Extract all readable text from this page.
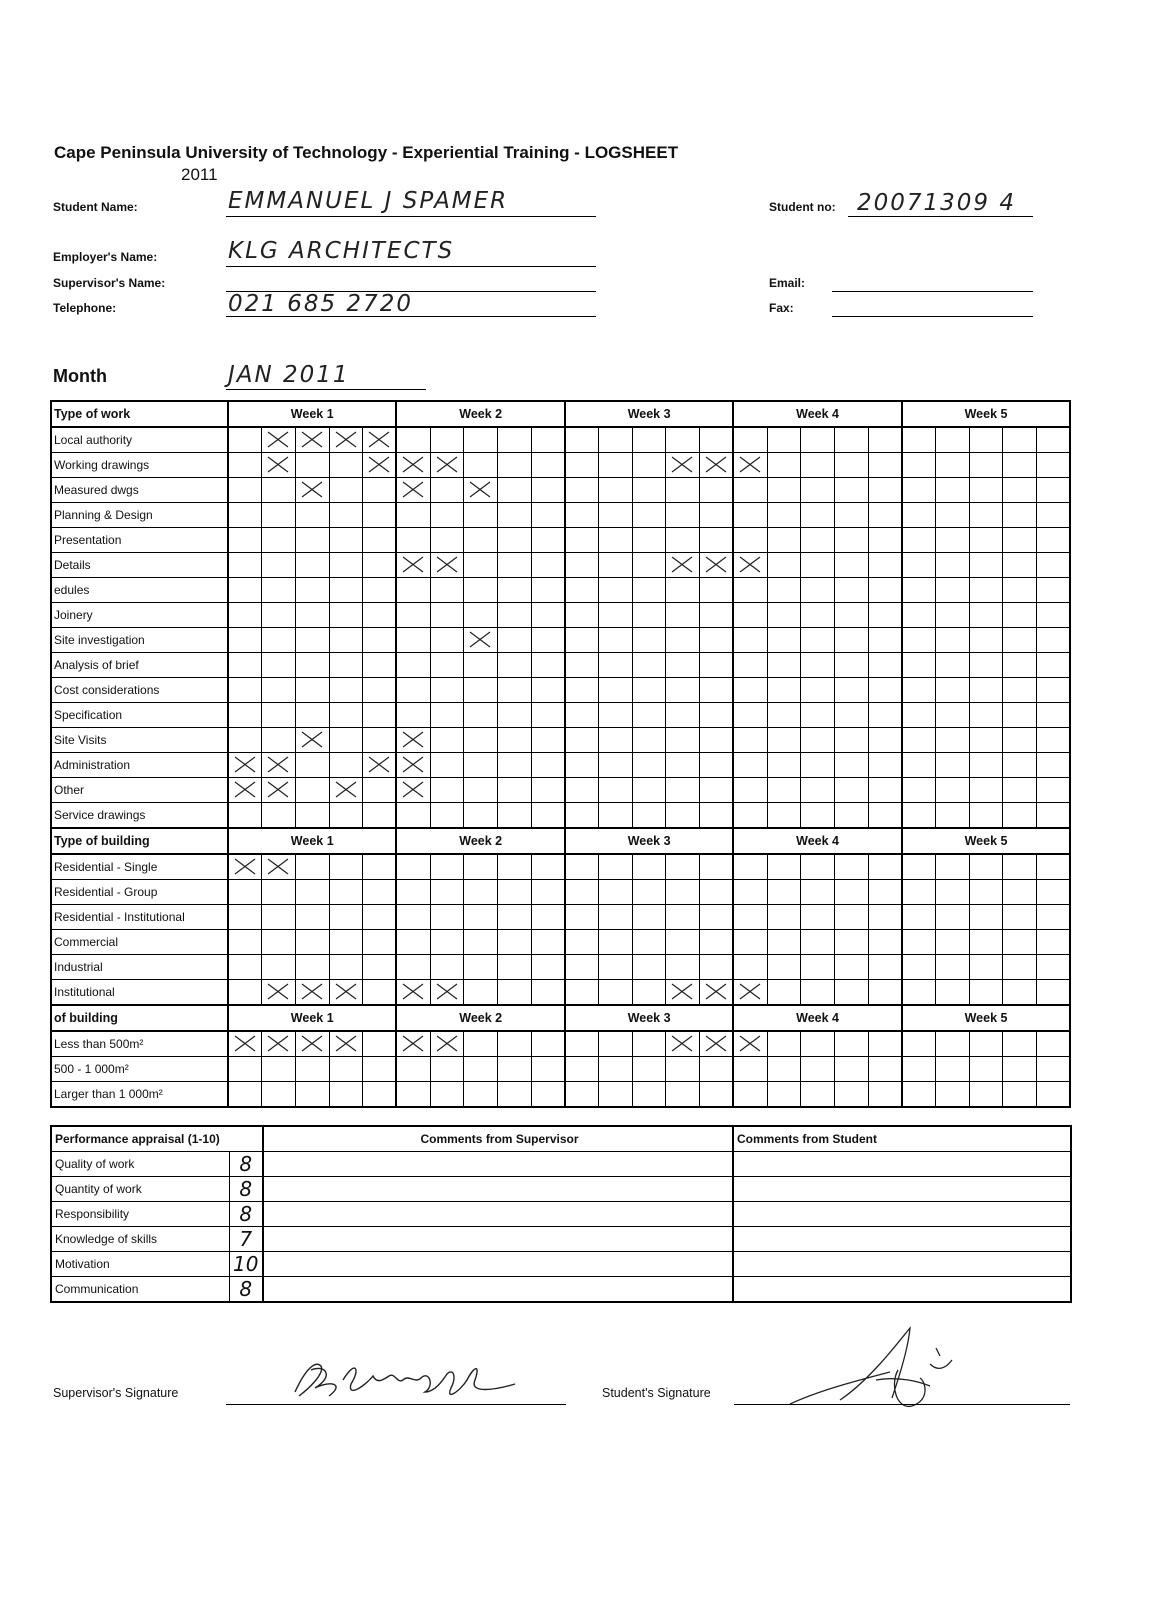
Cape Peninsula University of Technology - Experiential Training - LOGSHEET
2011
Student Name:	EMMANUEL J SPAMER	Student no: 20071309 4
Employer's Name:	KLG ARCHITECTS
Supervisor's Name:	Email:
Telephone:	021 685 2720	Fax:
Month	JAN 2011
Type of work	Week 1					Week 2					Week 3					Week 4					Week 5				
Local authority		

Working drawings		

Measured dwgs			

Planning & Design																									
Presentation																									
Details						

edules																									
Joinery																									
Site investigation								

Analysis of brief																									
Cost considerations																									
Specification																									
Site Visits			

Administration	

Other	

Service drawings																									
Type of building	Week 1					Week 2					Week 3					Week 4					Week 5				
Residential - Single	

Residential - Group																									
Residential - Institutional																									
Commercial																									
Industrial																									
Institutional		

of building	Week 1					Week 2					Week 3					Week 4					Week 5				
Less than 500m²	

500 - 1 000m²																									
Larger than 1 000m²																									
Performance appraisal (1-10)		Comments from Supervisor	Comments from Student
Quality of work	8		
Quantity of work	8		
Responsibility	8		
Knowledge of skills	7		
Motivation	10		
Communication	8		
Supervisor's Signature	Student's Signature
